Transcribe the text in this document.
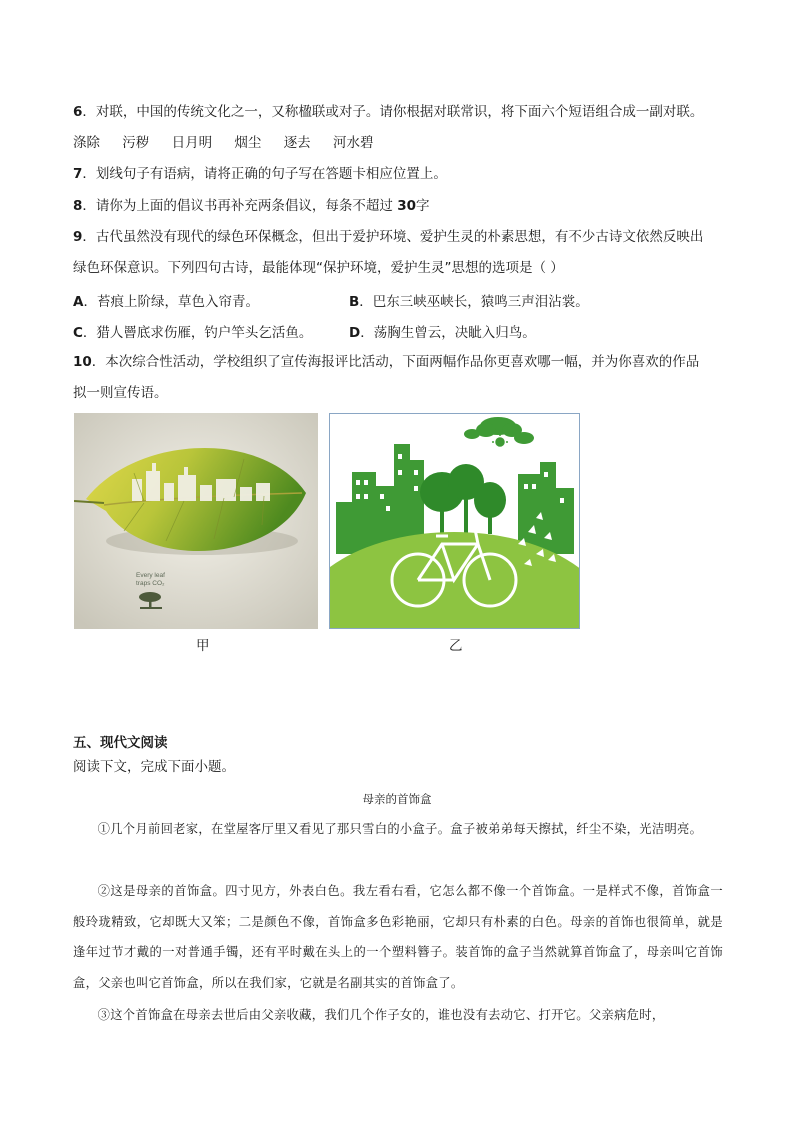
6．对联，中国的传统文化之一，又称楹联或对子。请你根据对联常识，将下面六个短语组合成一副对联。
涤除 污秽 日月明 烟尘 逐去 河水碧
7．划线句子有语病，请将正确的句子写在答题卡相应位置上。
8．请你为上面的倡议书再补充两条倡议，每条不超过 30字
9．古代虽然没有现代的绿色环保概念，但出于爱护环境、爱护生灵的朴素思想，有不少古诗文依然反映出
绿色环保意识。下列四句古诗，最能体现“保护环境，爱护生灵”思想的选项是（ ）
A．苔痕上阶绿，草色入帘青。	B．巴东三峡巫峡长，猿鸣三声泪沾裳。
C．猎人罾底求伤雁，钓户竿头乞活鱼。	D．荡胸生曾云，决眦入归鸟。
10．本次综合性活动，学校组织了宣传海报评比活动，下面两幅作品你更喜欢哪一幅，并为你喜欢的作品
拟一则宣传语。
Every leaf
traps CO₂
甲	乙
五、现代文阅读
阅读下文，完成下面小题。
母亲的首饰盒
①几个月前回老家，在堂屋客厅里又看见了那只雪白的小盒子。盒子被弟弟每天擦拭，纤尘不染，光洁明亮。
②这是母亲的首饰盒。四寸见方，外表白色。我左看右看，它怎么都不像一个首饰盒。一是样式不像，首饰盒一般玲珑精致，它却既大又笨；二是颜色不像，首饰盒多色彩艳丽，它却只有朴素的白色。母亲的首饰也很简单，就是逢年过节才戴的一对普通手镯，还有平时戴在头上的一个塑料簪子。装首饰的盒子当然就算首饰盒了，母亲叫它首饰盒，父亲也叫它首饰盒，所以在我们家，它就是名副其实的首饰盒了。
③这个首饰盒在母亲去世后由父亲收藏，我们几个作子女的，谁也没有去动它、打开它。父亲病危时，
